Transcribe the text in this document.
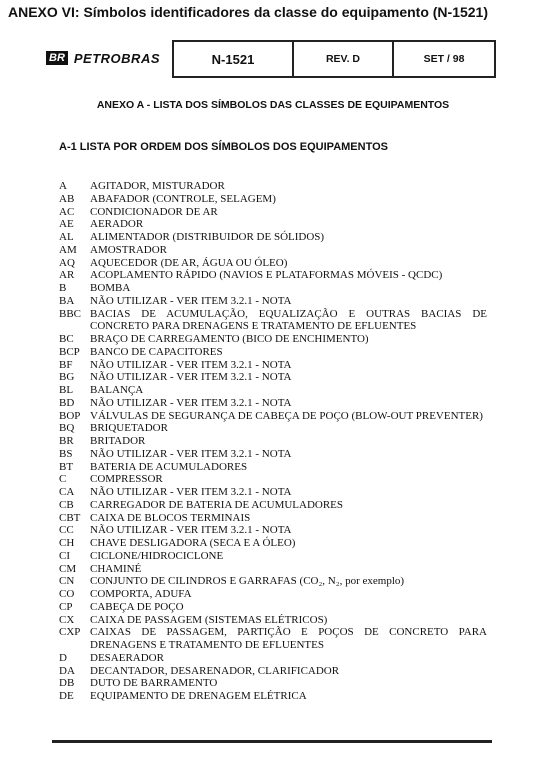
ANEXO VI: Símbolos identificadores da classe do equipamento (N-1521)
BR PETROBRAS	N-1521	REV. D	SET / 98
ANEXO A - LISTA DOS SÍMBOLOS DAS CLASSES DE EQUIPAMENTOS
A-1 LISTA POR ORDEM DOS SÍMBOLOS DOS EQUIPAMENTOS
A	AGITADOR, MISTURADOR
AB	ABAFADOR (CONTROLE, SELAGEM)
AC	CONDICIONADOR DE AR
AE	AERADOR
AL	ALIMENTADOR (DISTRIBUIDOR DE SÓLIDOS)
AM	AMOSTRADOR
AQ	AQUECEDOR (DE AR, ÁGUA OU ÓLEO)
AR	ACOPLAMENTO RÁPIDO (NAVIOS E PLATAFORMAS MÓVEIS - QCDC)
B	BOMBA
BA	NÃO UTILIZAR - VER ITEM 3.2.1 - NOTA
BBC BACIAS DE ACUMULAÇÃO, EQUALIZAÇÃO E OUTRAS BACIAS DE CONCRETO PARA DRENAGENS E TRATAMENTO DE EFLUENTES
BC	BRAÇO DE CARREGAMENTO (BICO DE ENCHIMENTO)
BCP BANCO DE CAPACITORES
BF	NÃO UTILIZAR - VER ITEM 3.2.1 - NOTA
BG	NÃO UTILIZAR - VER ITEM 3.2.1 - NOTA
BL	BALANÇA
BD	NÃO UTILIZAR - VER ITEM 3.2.1 - NOTA
BOP VÁLVULAS DE SEGURANÇA DE CABEÇA DE POÇO (BLOW-OUT PREVENTER)
BQ	BRIQUETADOR
BR	BRITADOR
BS	NÃO UTILIZAR - VER ITEM 3.2.1 - NOTA
BT	BATERIA DE ACUMULADORES
C	COMPRESSOR
CA	NÃO UTILIZAR - VER ITEM 3.2.1 - NOTA
CB	CARREGADOR DE BATERIA DE ACUMULADORES
CBT CAIXA DE BLOCOS TERMINAIS
CC	NÃO UTILIZAR - VER ITEM 3.2.1 - NOTA
CH	CHAVE DESLIGADORA (SECA E A ÓLEO)
CI	CICLONE/HIDROCICLONE
CM	CHAMINÉ
CN	CONJUNTO DE CILINDROS E GARRAFAS (CO₂, N₂, por exemplo)
CO	COMPORTA, ADUFA
CP	CABEÇA DE POÇO
CX	CAIXA DE PASSAGEM (SISTEMAS ELÉTRICOS)
CXP CAIXAS DE PASSAGEM, PARTIÇÃO E POÇOS DE CONCRETO PARA DRENAGENS E TRATAMENTO DE EFLUENTES
D	DESAERADOR
DA	DECANTADOR, DESARENADOR, CLARIFICADOR
DB	DUTO DE BARRAMENTO
DE	EQUIPAMENTO DE DRENAGEM ELÉTRICA
